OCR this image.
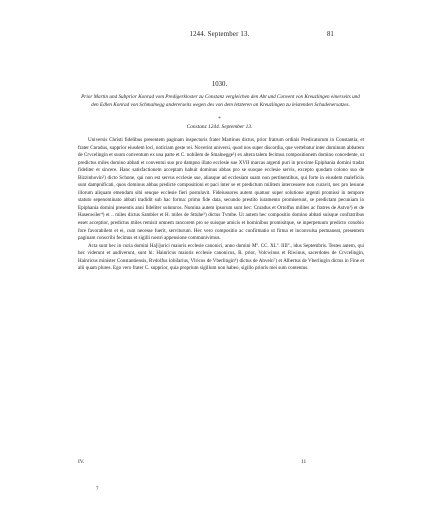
1244. September 13.	81
1030.
Prior Martin und Subprior Konrad vom Predigerkloster zu Constanz vergleichen den Abt und Convent von Kreuzlingen einerseits und den Edlen Konrad von Schmalnegg andererseits wegen des von dem letzteren an Kreuzlingen zu leistenden Schadenersatzes.
*
Constanz 1244. September 13.

Universis Christi fidelibus presentem paginam inspecturis frater Martinus dictus, prior fratrum ordinis Predicatorum in Constantia, et frater Cnradus, supprior eiusdem loci, noticiam geste rei. Noverint universi, quod nos super discordia, que vertebatur inter dominum abbatem de Crvcelingin et suum conventum ex una parte et C. nobilem de Smalnegge¹) ex altera talem fecimus compositionem domino concedente, ut predictus miles domino abbati et conventui suo pro dampno illato ecclesie sue XVII marcas argenti puri in proxime Epiphania domini tradat fideliter et sincere. Hanc satisfactionem acceptam habuit dominus abbas pro se suoque ecclesie servis, excepto quodam colono suo de Bizzinhovin²) dicto Schone, qui non est servus ecclesie sue, aliasque ad ecclesiam suam non pertinentibus, qui forte in eiusdem maleficiis sunt dampnificati, quos dominus abbas predicte compositioni et paci inter se et predictum militem intercessere non curavit, nec pro lesione illorum aliquam emendam sibi seuque ecclesie fieri postulavit. Fideiussores autem quatuor super solutione argenti promissi in tempore statuto sepenominato abbati tradidit sub hac forma: primo fide data, secundo prestito iuramento promiserunt, se predictam pecuniam in Epiphania domini presentis anni fideliter soluturos. Nomina autem ipsorum sunt hec: Cnradus et Ortolfus milites ac fratres de Astvn³) et de Hasenwiler⁴) et .. miles dictus Sambler et H. miles de Sttuhe⁵) dictus Tvmbe. Ut autem hec compositio domino abbati suisque confratribus esset acceptior, predictus miles remisit omnem rancorem pro se suisque amicis et hominibus promisitque, se inperpetuum predicto conobio fore favorabilem et ei, cum necesse fuerit, serviturum. Hec vero compositio ac confirmatio ut firma et inconvulsa permaneat, presentem paginam conscribi fecimus et sigilli nostri appensione communivimus.

Acta sunt hec in curia domini Ha[i]urici maioris ecclesie canonici, anno domini Mº. CC. XLº. IIIIº., idus Septembris. Testes autem, qui hec viderunt et audiverunt, sunt hi: Hainricus maioris ecclesie canonicus, R. prior, Volcwinus et Riwinus, sacerdotes de Crvcelingin, Hainricus minister Constantiensis, Rvdolfus lobilarius, Vlricus de Vberlingin⁶) dictus de Ahvein⁷) et Albertus de Vberlingin dictus in Fine et alii quam plures. Ego vero frater C. supprior, quia proprium sigillum non habeo, sigillo prioris mei sum contentus.

IV.	11
7
